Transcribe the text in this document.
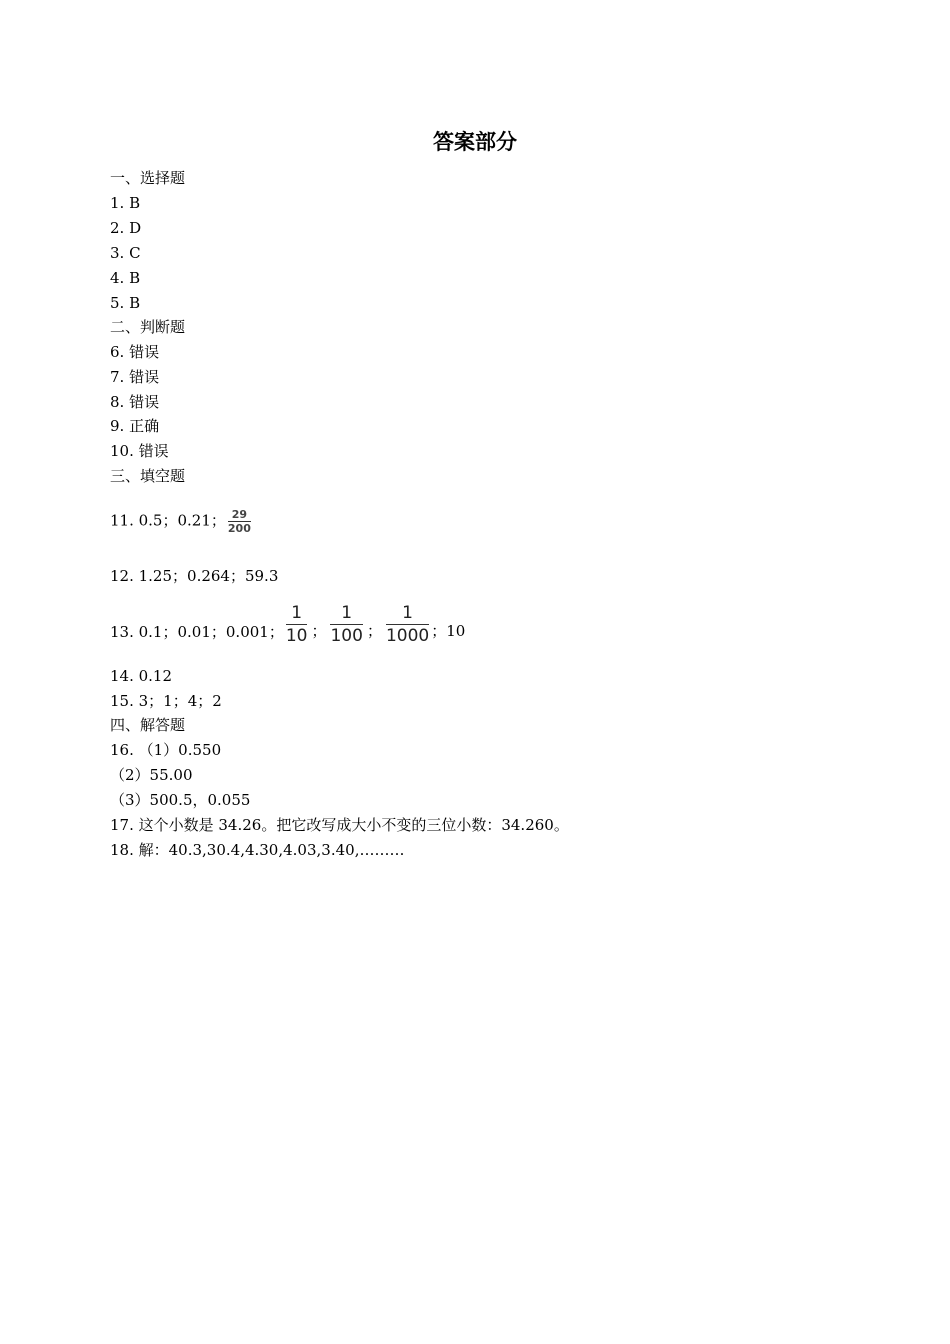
答案部分
一、选择题
1. B
2. D
3. C
4. B
5. B
二、判断题
6. 错误
7. 错误
8. 错误
9. 正确
10. 错误
三、填空题
11. 0.5；0.21； $\frac{29}{200}$
12. 1.25；0.264；59.3
13. 0.1；0.01；0.001； $\frac{1}{10}$ ； $\frac{1}{100}$ ； $\frac{1}{1000}$ ；10
14. 0.12
15. 3；1；4；2
四、解答题
16. （1）0.550
（2）55.00
（3）500.5，0.055
17. 这个小数是 34.26。把它改写成大小不变的三位小数：34.260。
18. 解：40.3,30.4,4.30,4.03,3.40,………
